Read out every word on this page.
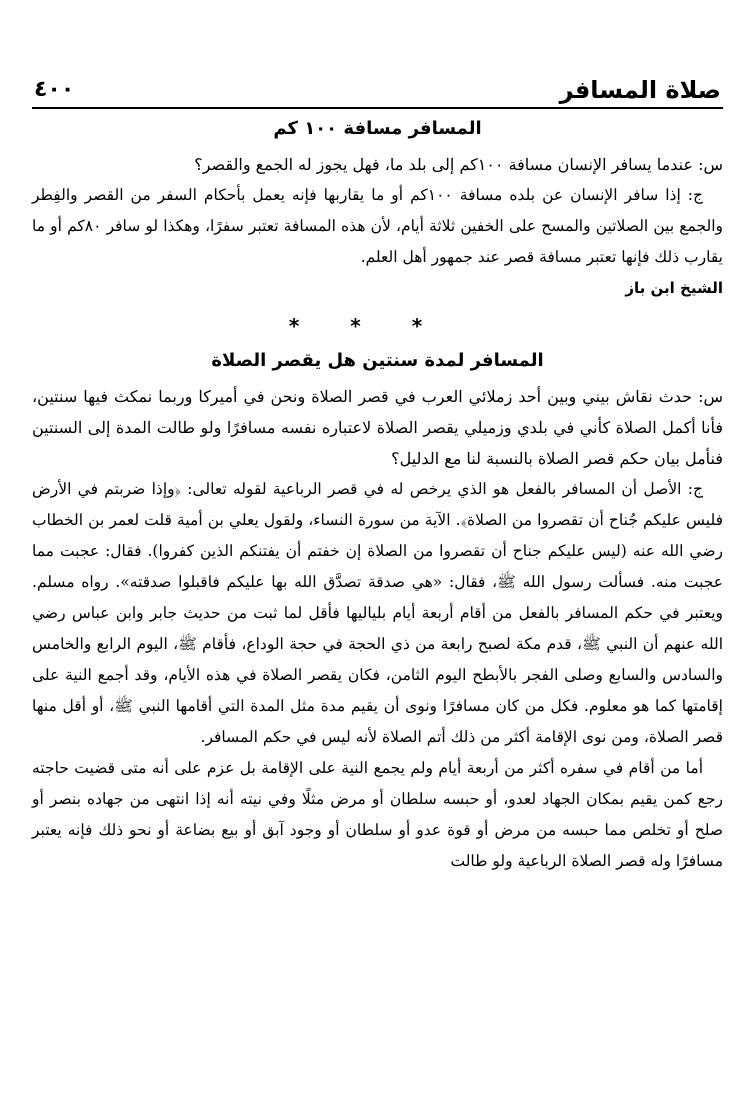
صلاة المسافر
٤٠٠
المسافر مسافة ١٠٠ كم

س: عندما يسافر الإنسان مسافة ١٠٠كم إلى بلد ما، فهل يجوز له الجمع والقصر؟

ج: إذا سافر الإنسان عن بلده مسافة ١٠٠كم أو ما يقاربها فإنه يعمل بأحكام السفر من القصر والفِطر والجمع بين الصلاتين والمسح على الخفين ثلاثة أيام، لأن هذه المسافة تعتبر سفرًا، وهكذا لو سافر ٨٠كم أو ما يقارب ذلك فإنها تعتبر مسافة قصر عند جمهور أهل العلم.

الشيخ ابن باز

* * *
المسافر لمدة سنتين هل يقصر الصلاة

س: حدث نقاش بيني وبين أحد زملائي العرب في قصر الصلاة ونحن في أميركا وربما نمكث فيها سنتين، فأنا أكمل الصلاة كأني في بلدي وزميلي يقصر الصلاة لاعتباره نفسه مسافرًا ولو طالت المدة إلى السنتين فنأمل بيان حكم قصر الصلاة بالنسبة لنا مع الدليل؟

ج: الأصل أن المسافر بالفعل هو الذي يرخص له في قصر الرباعية لقوله تعالى: ﴿وإذا ضربتم في الأرض فليس عليكم جُناح أن تقصروا من الصلاة﴾. الآية من سورة النساء، ولقول يعلي بن أمية قلت لعمر بن الخطاب رضي الله عنه (ليس عليكم جناح أن تقصروا من الصلاة إن خفتم أن يفتنكم الذين كفروا). فقال: عجبت مما عجبت منه. فسألت رسول الله ﷺ، فقال: «هي صدقة تصدَّق الله بها عليكم فاقبلوا صدقته». رواه مسلم. ويعتبر في حكم المسافر بالفعل من أقام أربعة أيام بلياليها فأقل لما ثبت من حديث جابر وابن عباس رضي الله عنهم أن النبي ﷺ، قدم مكة لصبح رابعة من ذي الحجة في حجة الوداع، فأقام ﷺ، اليوم الرابع والخامس والسادس والسابع وصلى الفجر بالأبطح اليوم الثامن، فكان يقصر الصلاة في هذه الأيام، وقد أجمع النية على إقامتها كما هو معلوم. فكل من كان مسافرًا ونوى أن يقيم مدة مثل المدة التي أقامها النبي ﷺ، أو أقل منها قصر الصلاة، ومن نوى الإقامة أكثر من ذلك أتم الصلاة لأنه ليس في حكم المسافر.

أما من أقام في سفره أكثر من أربعة أيام ولم يجمع النية على الإقامة بل عزم على أنه متى قضيت حاجته رجع كمن يقيم بمكان الجهاد لعدو، أو حبسه سلطان أو مرض مثلًا وفي نيته أنه إذا انتهى من جهاده بنصر أو صلح أو تخلص مما حبسه من مرض أو قوة عدو أو سلطان أو وجود آبق أو بيع بضاعة أو نحو ذلك فإنه يعتبر مسافرًا وله قصر الصلاة الرباعية ولو طالت
